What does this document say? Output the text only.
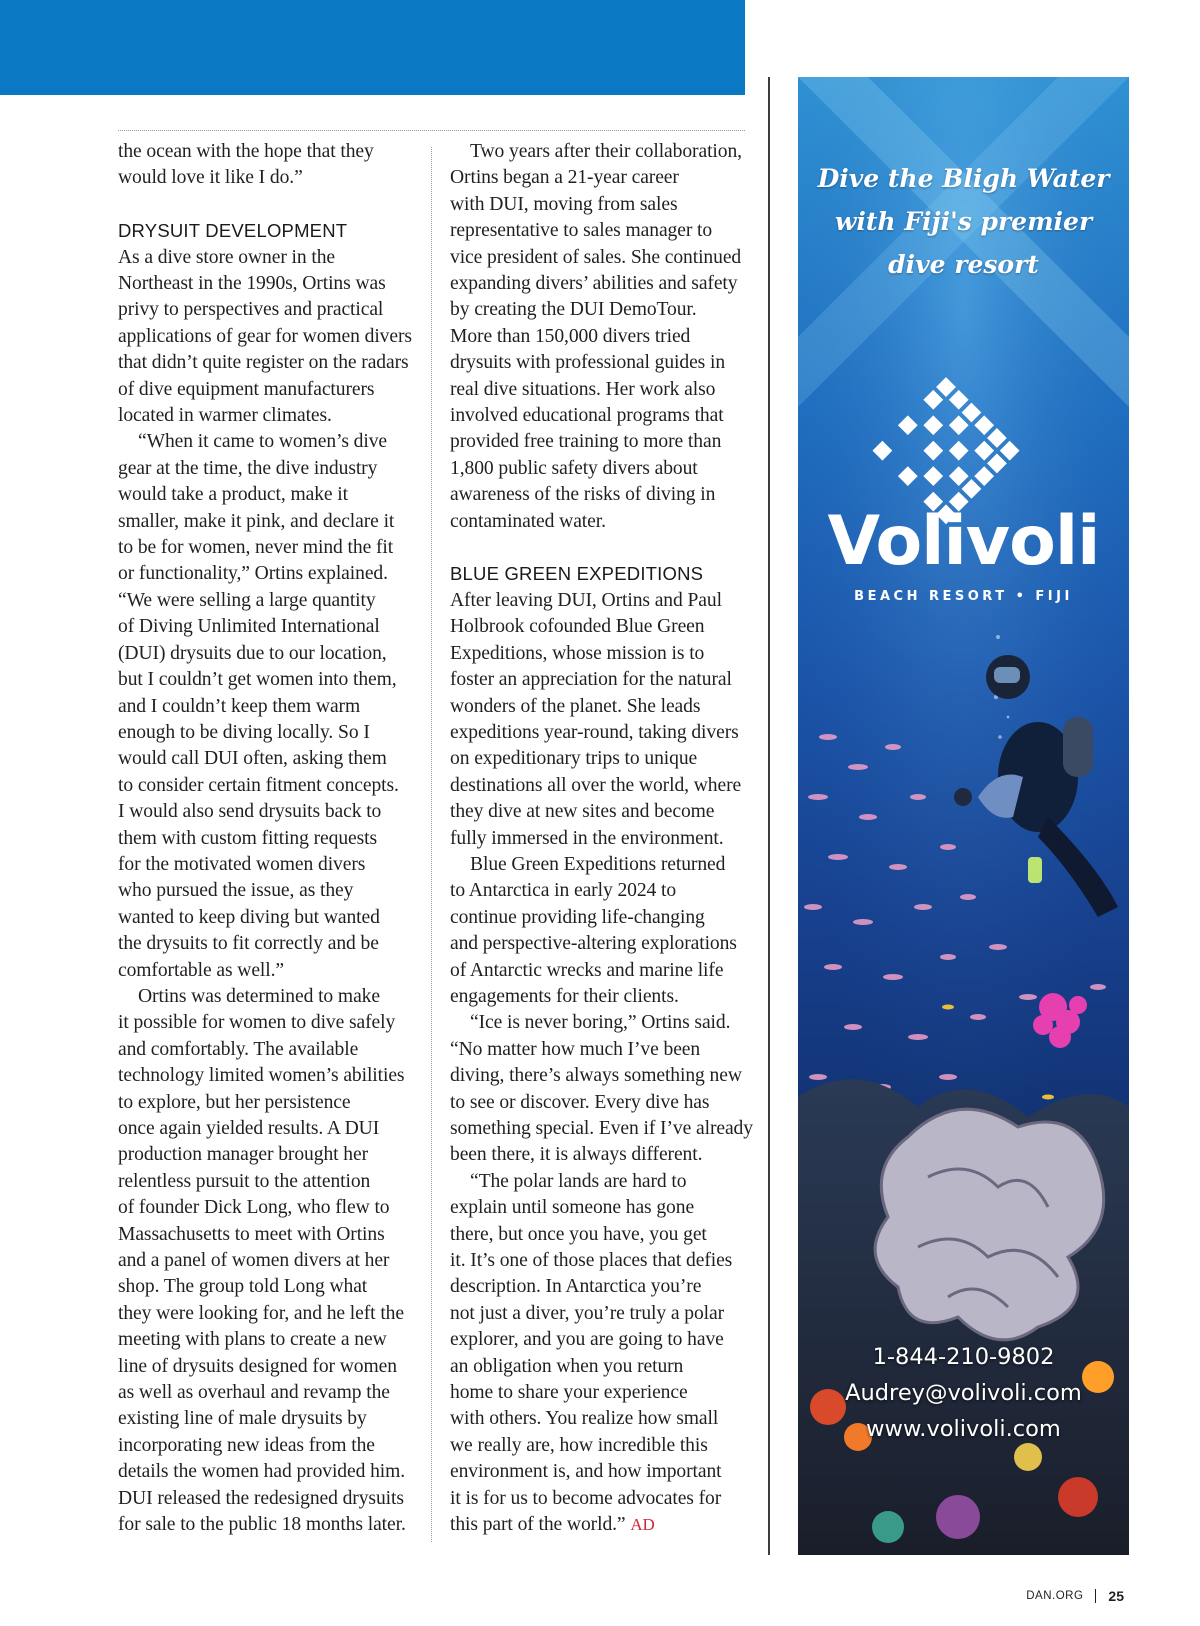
the ocean with the hope that they

would love it like I do.”

DRYSUIT DEVELOPMENT

As a dive store owner in the

Northeast in the 1990s, Ortins was

privy to perspectives and practical

applications of gear for women divers

that didn’t quite register on the radars

of dive equipment manufacturers

located in warmer climates.

“When it came to women’s dive

gear at the time, the dive industry

would take a product, make it

smaller, make it pink, and declare it

to be for women, never mind the fit

or functionality,” Ortins explained.

“We were selling a large quantity

of Diving Unlimited International

(DUI) drysuits due to our location,

but I couldn’t get women into them,

and I couldn’t keep them warm

enough to be diving locally. So I

would call DUI often, asking them

to consider certain fitment concepts.

I would also send drysuits back to

them with custom fitting requests

for the motivated women divers

who pursued the issue, as they

wanted to keep diving but wanted

the drysuits to fit correctly and be

comfortable as well.”

Ortins was determined to make

it possible for women to dive safely

and comfortably. The available

technology limited women’s abilities

to explore, but her persistence

once again yielded results. A DUI

production manager brought her

relentless pursuit to the attention

of founder Dick Long, who flew to

Massachusetts to meet with Ortins

and a panel of women divers at her

shop. The group told Long what

they were looking for, and he left the

meeting with plans to create a new

line of drysuits designed for women

as well as overhaul and revamp the

existing line of male drysuits by

incorporating new ideas from the

details the women had provided him.

DUI released the redesigned drysuits

for sale to the public 18 months later.

Two years after their collaboration,

Ortins began a 21-year career

with DUI, moving from sales

representative to sales manager to

vice president of sales. She continued

expanding divers’ abilities and safety

by creating the DUI DemoTour.

More than 150,000 divers tried

drysuits with professional guides in

real dive situations. Her work also

involved educational programs that

provided free training to more than

1,800 public safety divers about

awareness of the risks of diving in

contaminated water.

BLUE GREEN EXPEDITIONS

After leaving DUI, Ortins and Paul

Holbrook cofounded Blue Green

Expeditions, whose mission is to

foster an appreciation for the natural

wonders of the planet. She leads

expeditions year-round, taking divers

on expeditionary trips to unique

destinations all over the world, where

they dive at new sites and become

fully immersed in the environment.

Blue Green Expeditions returned

to Antarctica in early 2024 to

continue providing life-changing

and perspective-altering explorations

of Antarctic wrecks and marine life

engagements for their clients.

“Ice is never boring,” Ortins said.

“No matter how much I’ve been

diving, there’s always something new

to see or discover. Every dive has

something special. Even if I’ve already

been there, it is always different.

“The polar lands are hard to

explain until someone has gone

there, but once you have, you get

it. It’s one of those places that defies

description. In Antarctica you’re

not just a diver, you’re truly a polar

explorer, and you are going to have

an obligation when you return

home to share your experience

with others. You realize how small

we really are, how incredible this

environment is, and how important

it is for us to become advocates for

this part of the world.” AD

Dive the Bligh Water
with Fiji's premier
dive resort
Volivoli
BEACH RESORT • FIJI
1-844-210-9802
Audrey@volivoli.com
www.volivoli.com
DAN.ORG 25
